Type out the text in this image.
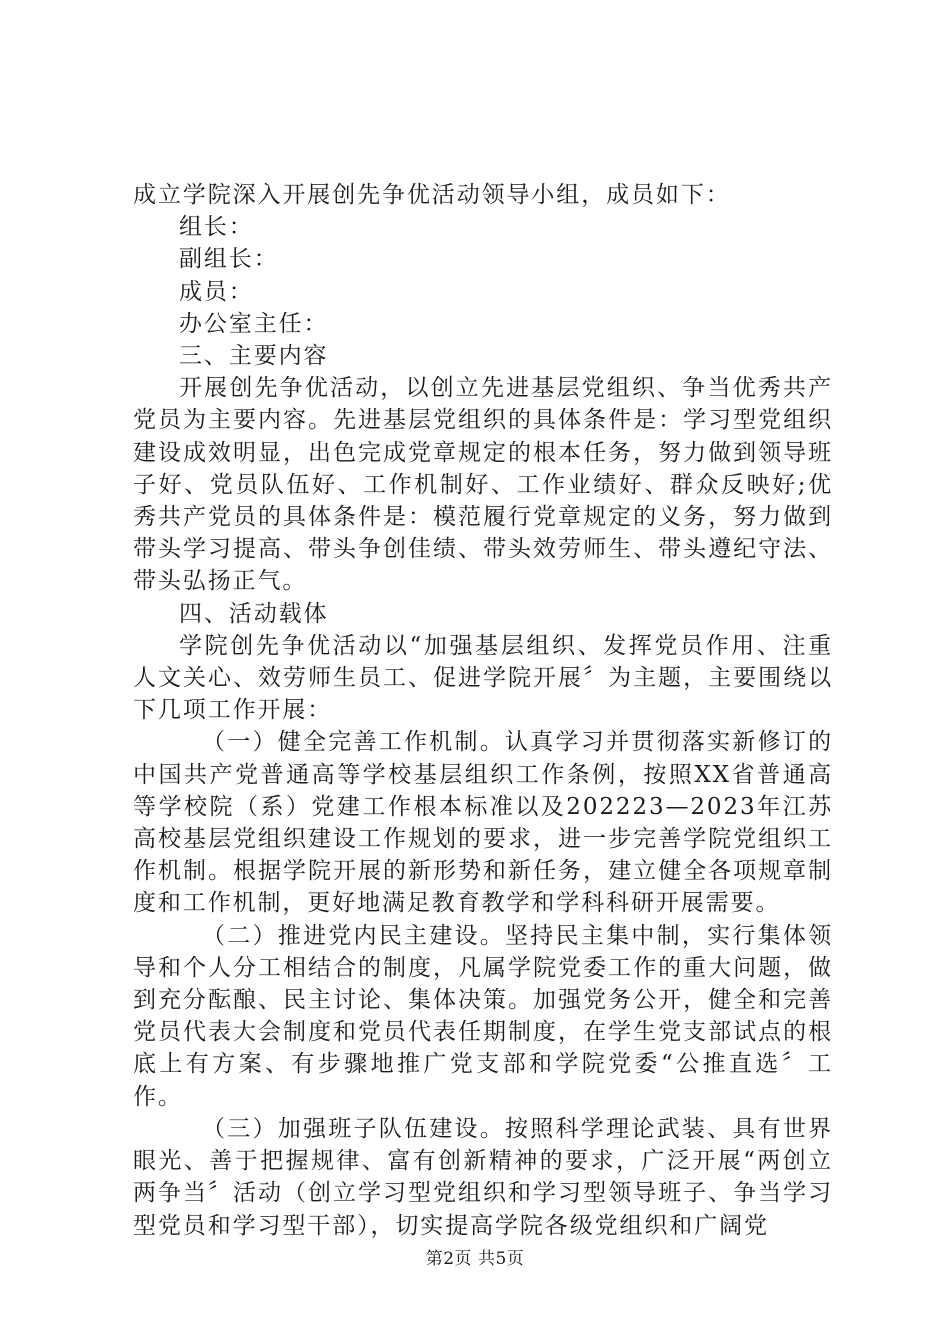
成立学院深入开展创先争优活动领导小组，成员如下：

组长：

副组长：

成员：

办公室主任：

三、主要内容

开展创先争优活动，以创立先进基层党组织、争当优秀共产党员为主要内容。先进基层党组织的具体条件是：学习型党组织建设成效明显，出色完成党章规定的根本任务，努力做到领导班子好、党员队伍好、工作机制好、工作业绩好、群众反映好;优秀共产党员的具体条件是：模范履行党章规定的义务，努力做到带头学习提高、带头争创佳绩、带头效劳师生、带头遵纪守法、带头弘扬正气。

四、活动载体

学院创先争优活动以“加强基层组织、发挥党员作用、注重人文关心、效劳师生员工、促进学院开展〞为主题，主要围绕以下几项工作开展：

（一）健全完善工作机制。认真学习并贯彻落实新修订的中国共产党普通高等学校基层组织工作条例，按照XX省普通高等学校院（系）党建工作根本标准以及202223—2023年江苏高校基层党组织建设工作规划的要求，进一步完善学院党组织工作机制。根据学院开展的新形势和新任务，建立健全各项规章制度和工作机制，更好地满足教育教学和学科科研开展需要。

（二）推进党内民主建设。坚持民主集中制，实行集体领导和个人分工相结合的制度，凡属学院党委工作的重大问题，做到充分酝酿、民主讨论、集体决策。加强党务公开，健全和完善党员代表大会制度和党员代表任期制度，在学生党支部试点的根底上有方案、有步骤地推广党支部和学院党委“公推直选〞工作。

（三）加强班子队伍建设。按照科学理论武装、具有世界眼光、善于把握规律、富有创新精神的要求，广泛开展“两创立两争当〞活动（创立学习型党组织和学习型领导班子、争当学习型党员和学习型干部），切实提高学院各级党组织和广阔党

第2页 共5页
